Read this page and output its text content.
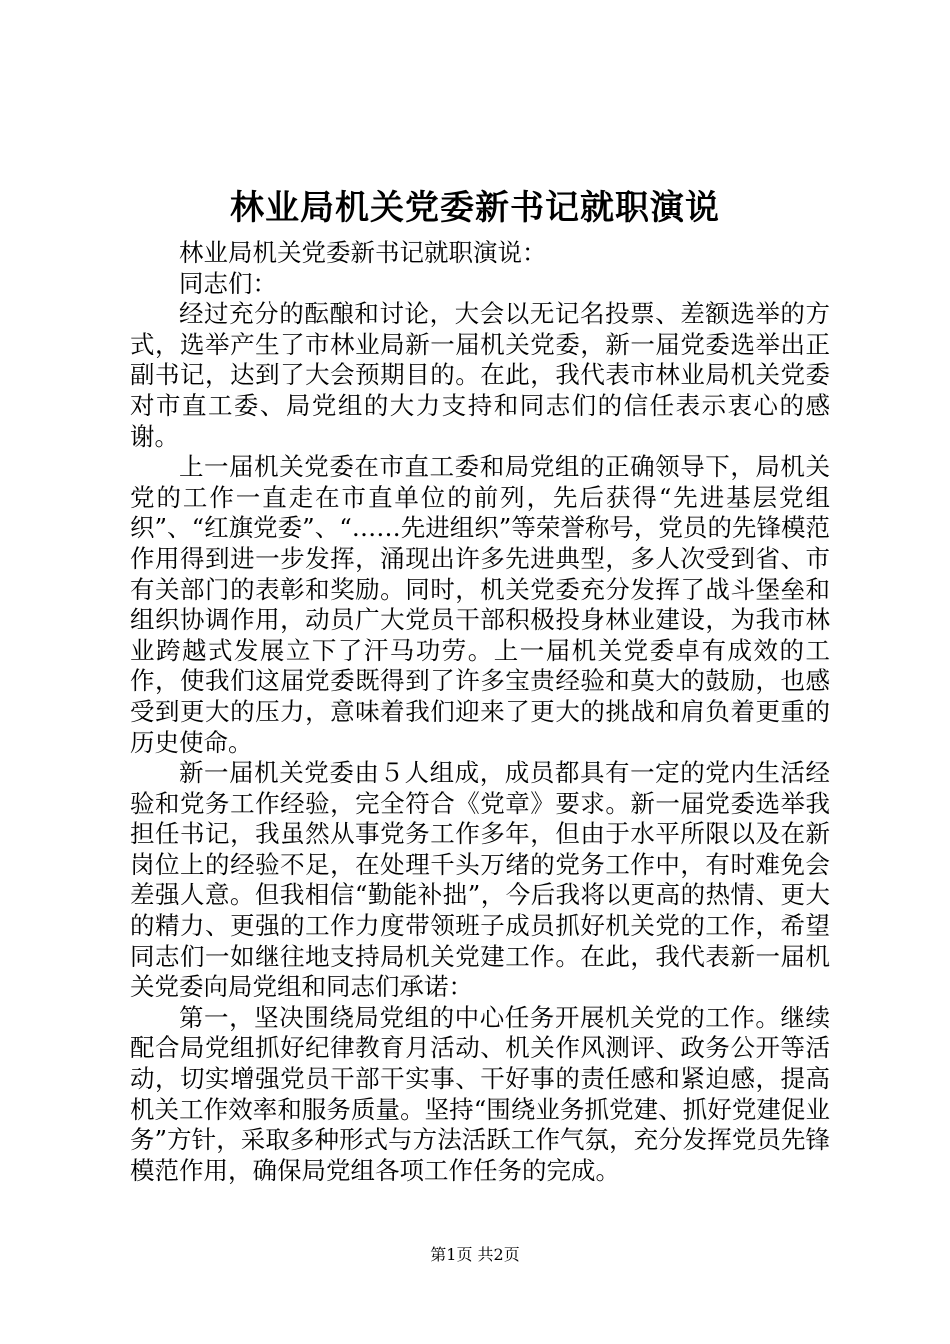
林业局机关党委新书记就职演说

林业局机关党委新书记就职演说：

同志们：

经过充分的酝酿和讨论，大会以无记名投票、差额选举的方式，选举产生了市林业局新一届机关党委，新一届党委选举出正副书记，达到了大会预期目的。在此，我代表市林业局机关党委对市直工委、局党组的大力支持和同志们的信任表示衷心的感谢。

上一届机关党委在市直工委和局党组的正确领导下，局机关党的工作一直走在市直单位的前列，先后获得“先进基层党组织”、“红旗党委”、“……先进组织”等荣誉称号，党员的先锋模范作用得到进一步发挥，涌现出许多先进典型，多人次受到省、市有关部门的表彰和奖励。同时，机关党委充分发挥了战斗堡垒和组织协调作用，动员广大党员干部积极投身林业建设，为我市林业跨越式发展立下了汗马功劳。上一届机关党委卓有成效的工作，使我们这届党委既得到了许多宝贵经验和莫大的鼓励，也感受到更大的压力，意味着我们迎来了更大的挑战和肩负着更重的历史使命。

新一届机关党委由５人组成，成员都具有一定的党内生活经验和党务工作经验，完全符合《党章》要求。新一届党委选举我担任书记，我虽然从事党务工作多年，但由于水平所限以及在新岗位上的经验不足，在处理千头万绪的党务工作中，有时难免会差强人意。但我相信“勤能补拙”，今后我将以更高的热情、更大的精力、更强的工作力度带领班子成员抓好机关党的工作，希望同志们一如继往地支持局机关党建工作。在此，我代表新一届机关党委向局党组和同志们承诺：

第一，坚决围绕局党组的中心任务开展机关党的工作。继续配合局党组抓好纪律教育月活动、机关作风测评、政务公开等活动，切实增强党员干部干实事、干好事的责任感和紧迫感，提高机关工作效率和服务质量。坚持“围绕业务抓党建、抓好党建促业务”方针，采取多种形式与方法活跃工作气氛，充分发挥党员先锋模范作用，确保局党组各项工作任务的完成。

第1页 共2页
